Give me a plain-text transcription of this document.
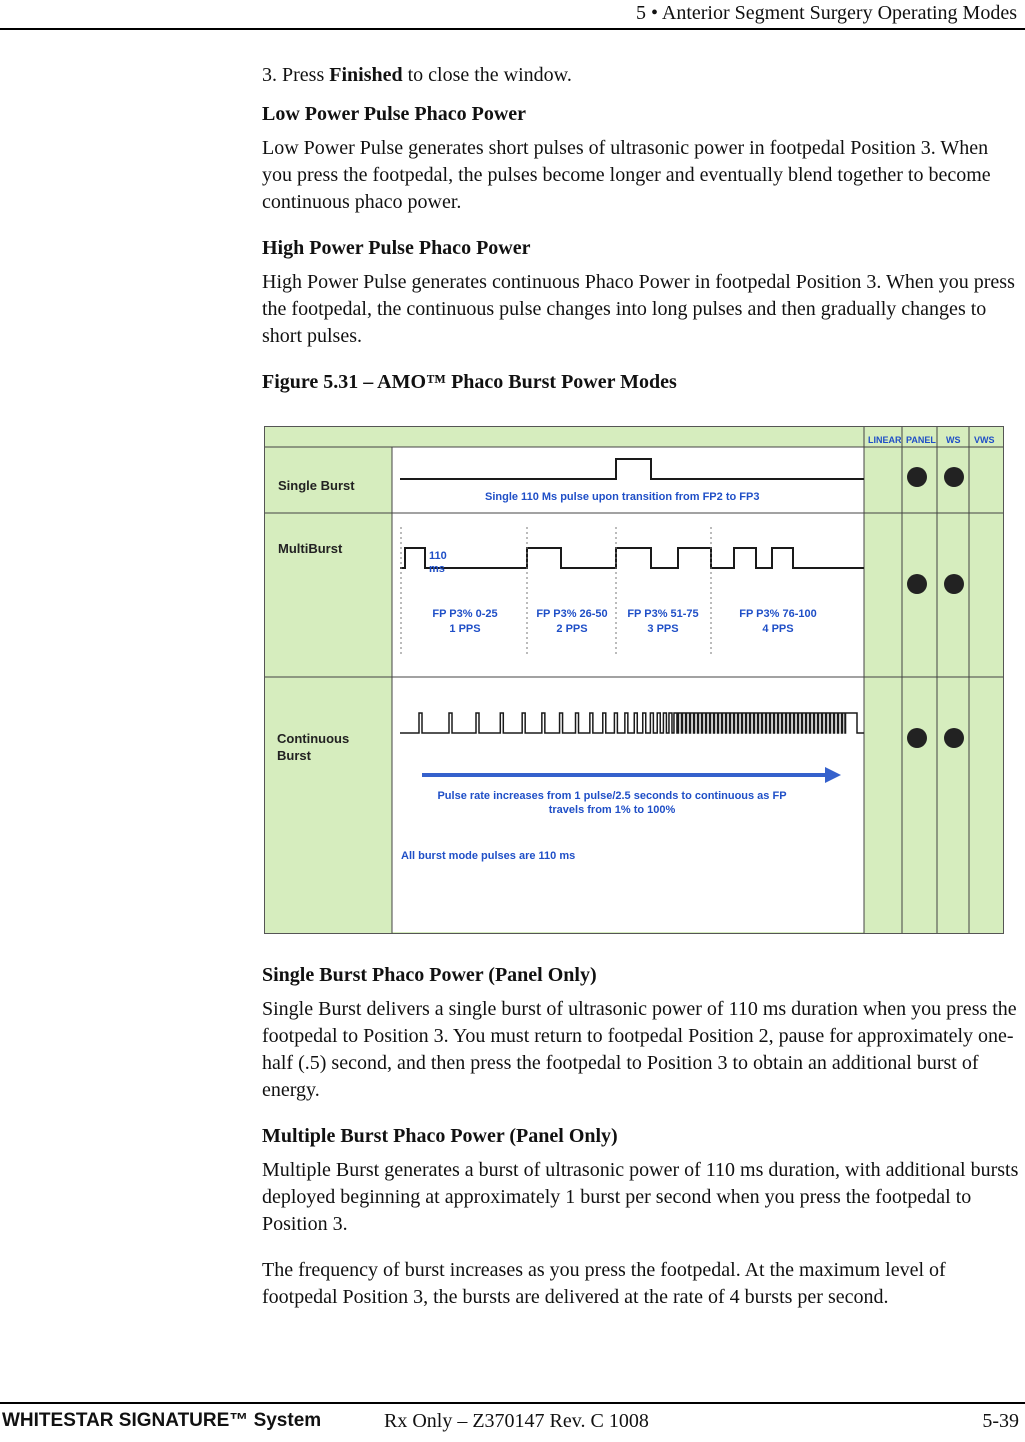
5 • Anterior Segment Surgery Operating Modes

3. Press Finished to close the window.

Low Power Pulse Phaco Power

Low Power Pulse generates short pulses of ultrasonic power in footpedal Position 3. When you press the footpedal, the pulses become longer and eventually blend together to become continuous phaco power.

High Power Pulse Phaco Power

High Power Pulse generates continuous Phaco Power in footpedal Position 3. When you press the footpedal, the continuous pulse changes into long pulses and then gradually changes to short pulses.

Figure 5.31 – AMO™ Phaco Burst Power Modes

LINEAR PANEL WS VWS
Single Burst
MultiBurst
Continuous
Burst
Single 110 Ms pulse upon transition from FP2 to FP3
110
ms
FP P3% 0-25
1 PPS
FP P3% 26-50
2 PPS
FP P3% 51-75
3 PPS
FP P3% 76-100
4 PPS
Pulse rate increases from 1 pulse/2.5 seconds to continuous as FP
travels from 1% to 100%
All burst mode pulses are 110 ms

Single Burst Phaco Power (Panel Only)

Single Burst delivers a single burst of ultrasonic power of 110 ms duration when you press the footpedal to Position 3. You must return to footpedal Position 2, pause for approximately one-half (.5) second, and then press the footpedal to Position 3 to obtain an additional burst of energy.

Multiple Burst Phaco Power (Panel Only)

Multiple Burst generates a burst of ultrasonic power of 110 ms duration, with additional bursts deployed beginning at approximately 1 burst per second when you press the footpedal to Position 3.

The frequency of burst increases as you press the footpedal. At the maximum level of footpedal Position 3, the bursts are delivered at the rate of 4 bursts per second.

WHITESTAR SIGNATURE™ System	Rx Only – Z370147 Rev. C 1008	5-39
